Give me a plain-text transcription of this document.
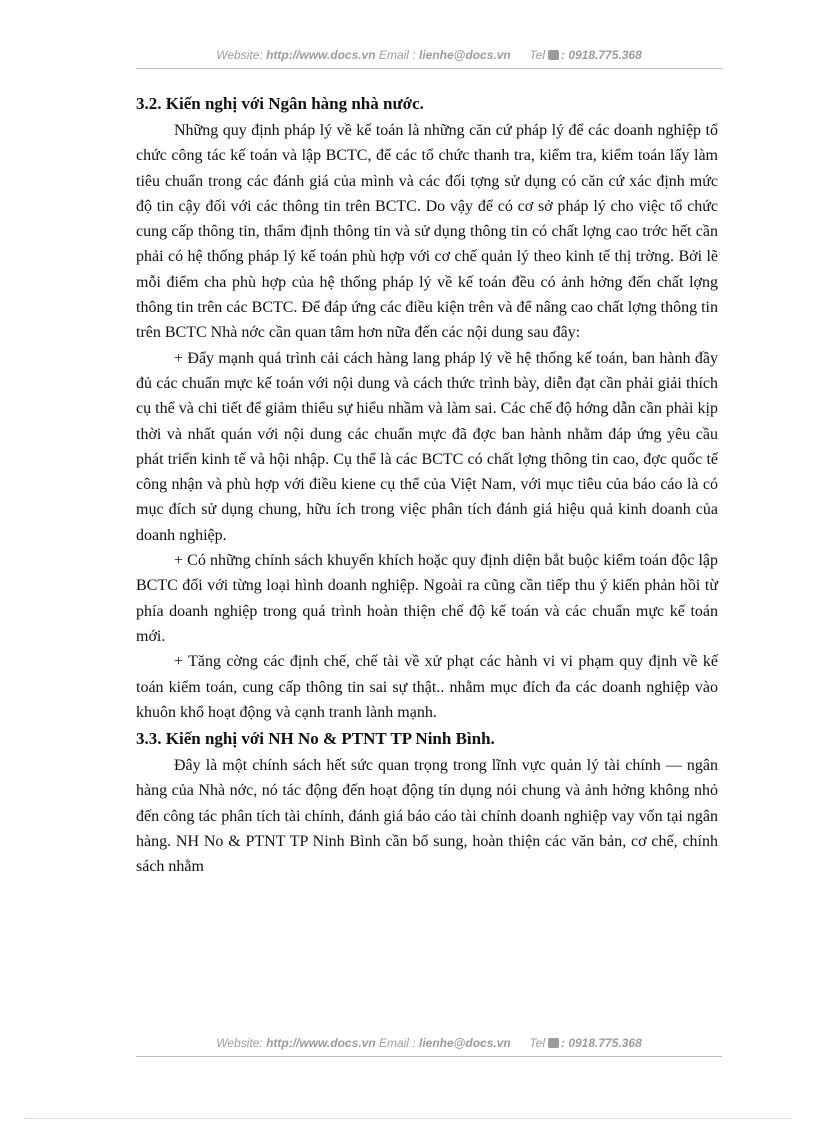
Website: http://www.docs.vn Email : lienhe@docs.vn Tel : 0918.775.368
3.2. Kiến nghị với Ngân hàng nhà nước.

Những quy định pháp lý về kế toán là những căn cứ pháp lý để các doanh nghiệp tổ chức công tác kế toán và lập BCTC, để các tổ chức thanh tra, kiểm tra, kiểm toán lấy làm tiêu chuẩn trong các đánh giá của mình và các đối tợng sử dụng có căn cứ xác định mức độ tin cậy đối với các thông tin trên BCTC. Do vậy để có cơ sở pháp lý cho việc tổ chức cung cấp thông tin, thẩm định thông tin và sử dụng thông tin có chất lợng cao trớc hết cần phải có hệ thống pháp lý kế toán phù hợp với cơ chế quản lý theo kinh tế thị trờng. Bởi lẽ mỗi điểm cha phù hợp của hệ thống pháp lý về kế toán đều có ảnh hởng đến chất lợng thông tin trên các BCTC. Để đáp ứng các điều kiện trên và để nâng cao chất lợng thông tin trên BCTC Nhà nớc cần quan tâm hơn nữa đến các nội dung sau đây:

+ Đẩy mạnh quá trình cải cách hàng lang pháp lý về hệ thống kế toán, ban hành đầy đủ các chuẩn mực kế toán với nội dung và cách thức trình bày, diễn đạt cần phải giải thích cụ thể và chi tiết để giảm thiểu sự hiểu nhầm và làm sai. Các chế độ hớng dẫn cần phải kịp thời và nhất quán với nội dung các chuẩn mực đã đợc ban hành nhằm đáp ứng yêu cầu phát triển kinh tế và hội nhập. Cụ thể là các BCTC có chất lợng thông tin cao, đợc quốc tế công nhận và phù hợp với điều kiene cụ thể của Việt Nam, với mục tiêu của báo cáo là có mục đích sử dụng chung, hữu ích trong việc phân tích đánh giá hiệu quả kinh doanh của doanh nghiệp.

+ Có những chính sách khuyến khích hoặc quy định diện bắt buộc kiểm toán độc lập BCTC đối với từng loại hình doanh nghiệp. Ngoài ra cũng cần tiếp thu ý kiến phản hồi từ phía doanh nghiệp trong quá trình hoàn thiện chế độ kế toán và các chuẩn mực kế toán mới.

+ Tăng cờng các định chế, chế tài về xử phạt các hành vi vi phạm quy định về kế toán kiểm toán, cung cấp thông tin sai sự thật.. nhằm mục đích đa các doanh nghiệp vào khuôn khổ hoạt động và cạnh tranh lành mạnh.

3.3. Kiến nghị với NH No & PTNT TP Ninh Bình.

Đây là một chính sách hết sức quan trọng trong lĩnh vực quản lý tài chính — ngân hàng của Nhà nớc, nó tác động đến hoạt động tín dụng nói chung và ảnh hởng không nhỏ đến công tác phân tích tài chính, đánh giá báo cáo tài chính doanh nghiệp vay vốn tại ngân hàng. NH No & PTNT TP Ninh Bình cần bổ sung, hoàn thiện các văn bản, cơ chế, chính sách nhằm

Website: http://www.docs.vn Email : lienhe@docs.vn Tel : 0918.775.368
